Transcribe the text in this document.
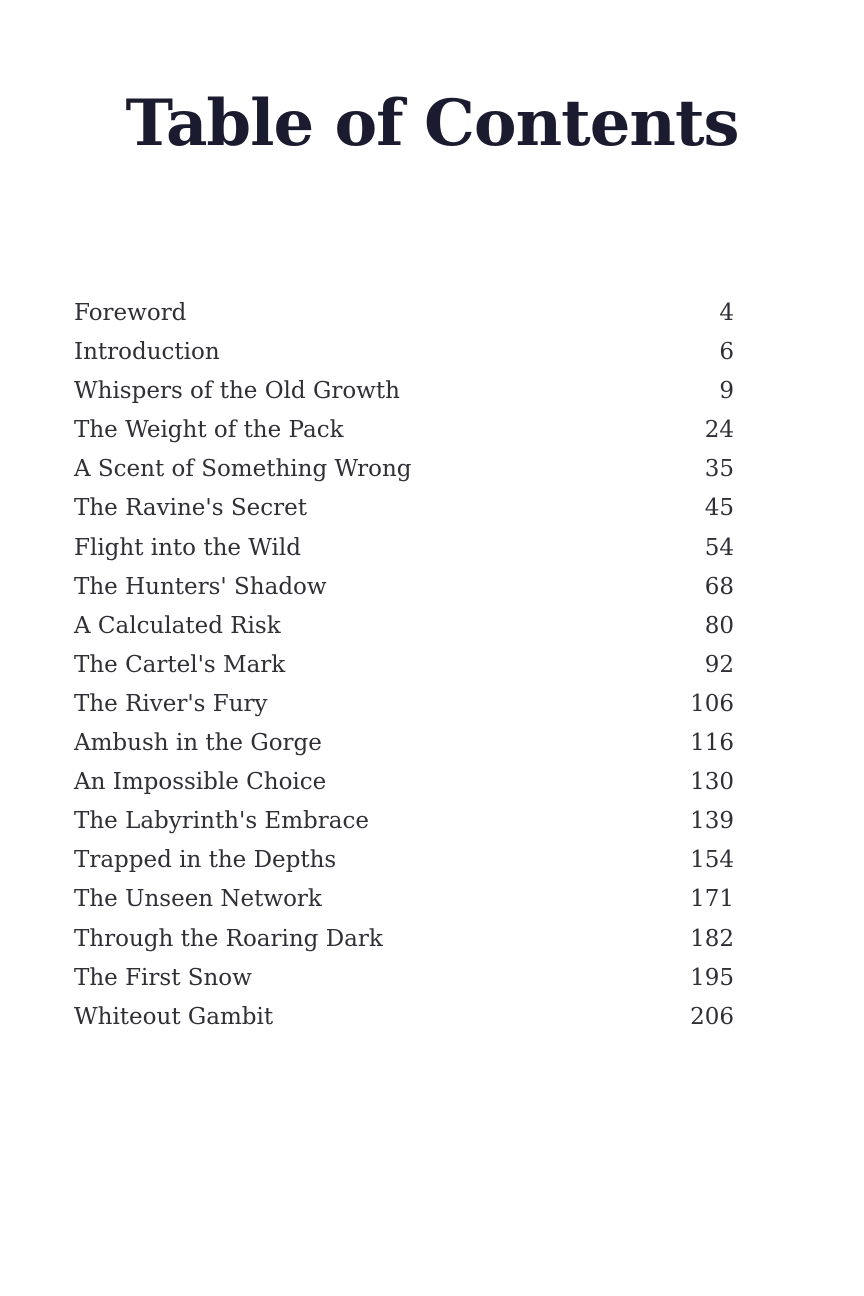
Table of Contents
Foreword	4
Introduction	6
Whispers of the Old Growth	9
The Weight of the Pack	24
A Scent of Something Wrong	35
The Ravine's Secret	45
Flight into the Wild	54
The Hunters' Shadow	68
A Calculated Risk	80
The Cartel's Mark	92
The River's Fury	106
Ambush in the Gorge	116
An Impossible Choice	130
The Labyrinth's Embrace	139
Trapped in the Depths	154
The Unseen Network	171
Through the Roaring Dark	182
The First Snow	195
Whiteout Gambit	206
